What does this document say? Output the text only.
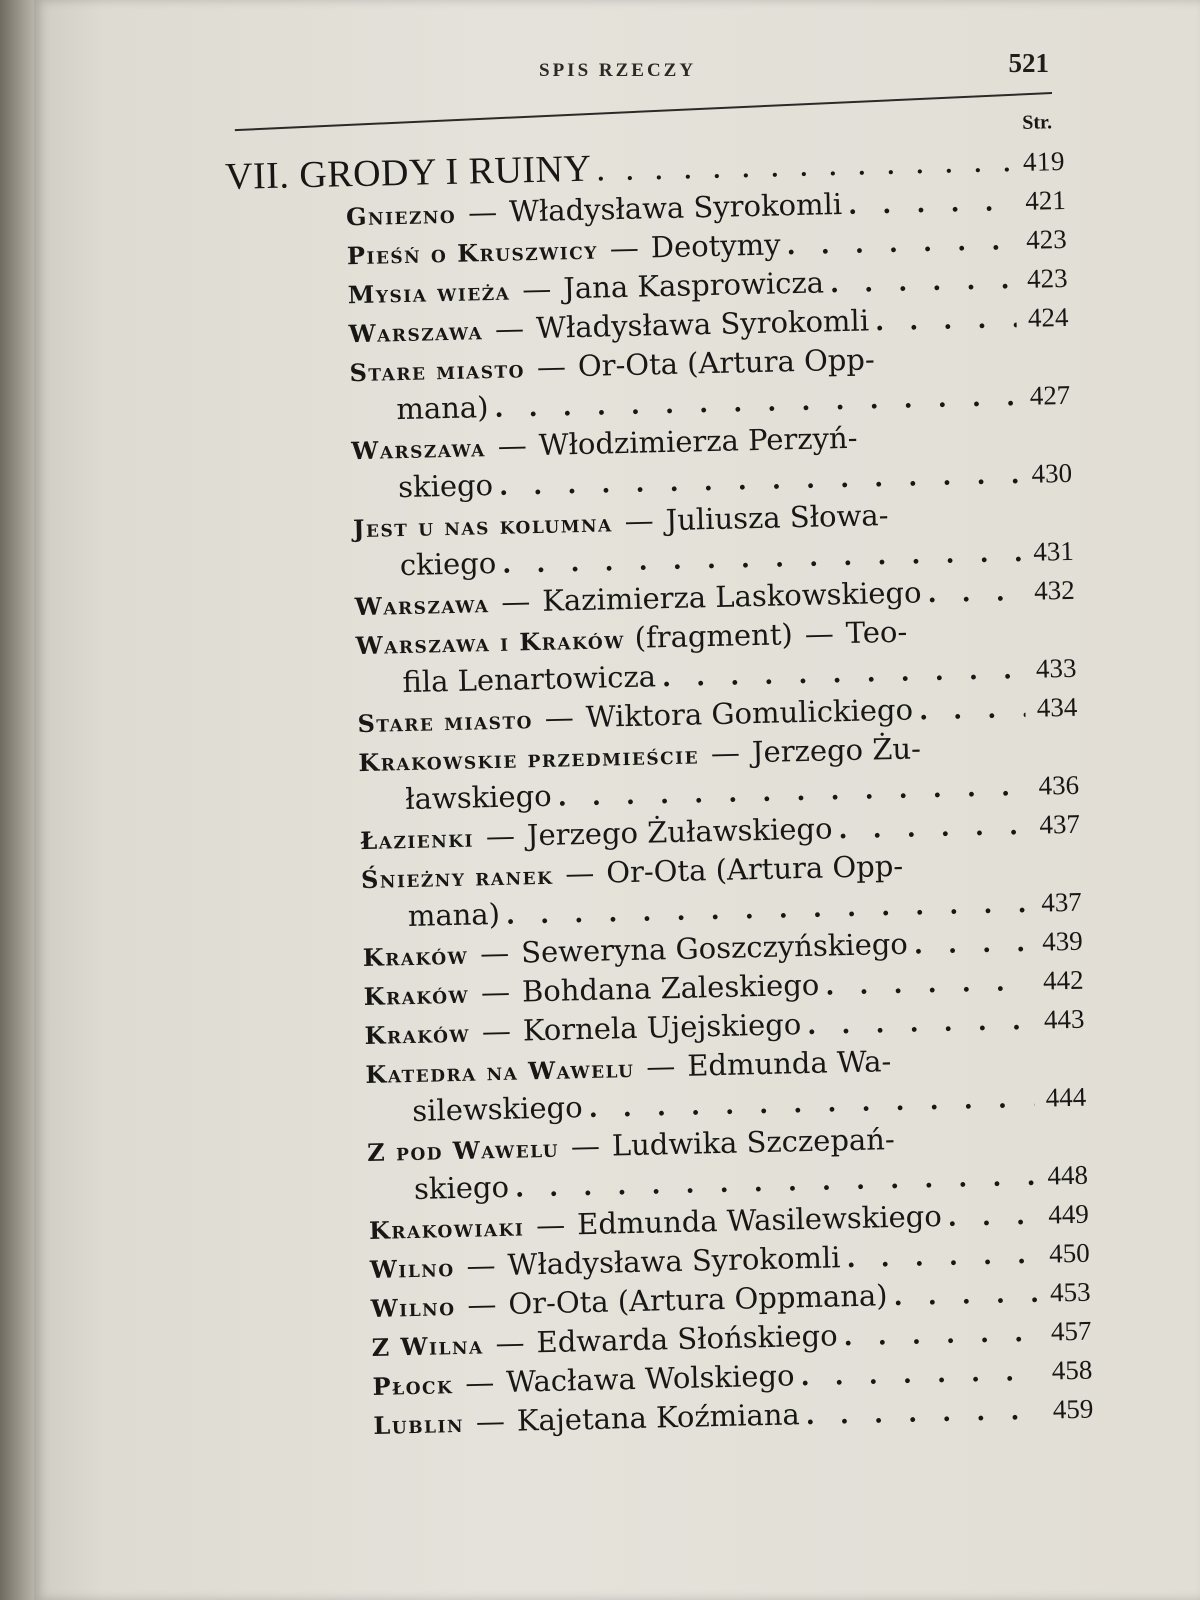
SPIS RZECZY	521
Str.
VII. GRODY I RUINY . . .	419
Gniezno — Władysława Syrokomli . . .	421
Pieśń o Kruszwicy — Deotymy . . .	423
Mysia wieża — Jana Kasprowicza . . .	423
Warszawa — Władysława Syrokomli . . .	424
Stare miasto — Or-Ota (Artura Opp-
mana) . . .	427
Warszawa — Włodzimierza Perzyń-
skiego . . .	430
Jest u nas kolumna — Juliusza Słowa-
ckiego . . .	431
Warszawa — Kazimierza Laskowskiego . . .	432
Warszawa i Kraków (fragment) — Teo-
fila Lenartowicza . . .	433
Stare miasto — Wiktora Gomulickiego . . .	434
Krakowskie przedmieście — Jerzego Żu-
ławskiego . . .	436
Łazienki — Jerzego Żuławskiego . . .	437
Śnieżny ranek — Or-Ota (Artura Opp-
mana) . . .	437
Kraków — Seweryna Goszczyńskiego . . .	439
Kraków — Bohdana Zaleskiego . . .	442
Kraków — Kornela Ujejskiego . . .	443
Katedra na Wawelu — Edmunda Wa-
silewskiego . . .	444
Z pod Wawelu — Ludwika Szczepań-
skiego . . .	448
Krakowiaki — Edmunda Wasilewskiego . . .	449
Wilno — Władysława Syrokomli . . .	450
Wilno — Or-Ota (Artura Oppmana) . . .	453
Z Wilna — Edwarda Słońskiego . . .	457
Płock — Wacława Wolskiego . . .	458
Lublin — Kajetana Koźmiana . . .	459
